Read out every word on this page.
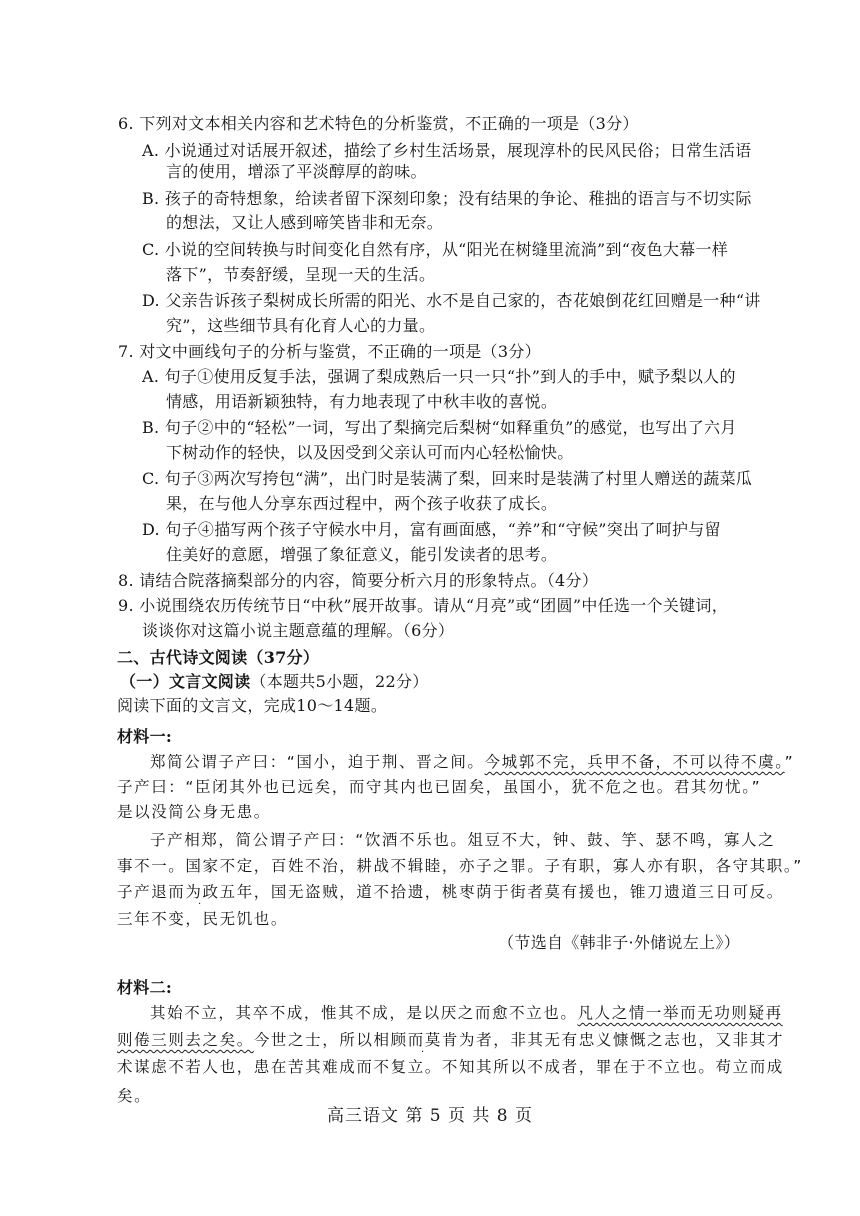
6. 下列对文本相关内容和艺术特色的分析鉴赏，不正确的一项是（3分）
A. 小说通过对话展开叙述，描绘了乡村生活场景，展现淳朴的民风民俗；日常生活语
言的使用，增添了平淡醇厚的韵味。
B. 孩子的奇特想象，给读者留下深刻印象；没有结果的争论、稚拙的语言与不切实际
的想法，又让人感到啼笑皆非和无奈。
C. 小说的空间转换与时间变化自然有序，从“阳光在树缝里流淌”到“夜色大幕一样
落下”，节奏舒缓，呈现一天的生活。
D. 父亲告诉孩子梨树成长所需的阳光、水不是自己家的，杏花娘倒花红回赠是一种“讲
究”，这些细节具有化育人心的力量。
7. 对文中画线句子的分析与鉴赏，不正确的一项是（3分）
A. 句子①使用反复手法，强调了梨成熟后一只一只“扑”到人的手中，赋予梨以人的
情感，用语新颖独特，有力地表现了中秋丰收的喜悦。
B. 句子②中的“轻松”一词，写出了梨摘完后梨树“如释重负”的感觉，也写出了六月
下树动作的轻快，以及因受到父亲认可而内心轻松愉快。
C. 句子③两次写挎包“满”，出门时是装满了梨，回来时是装满了村里人赠送的蔬菜瓜
果，在与他人分享东西过程中，两个孩子收获了成长。
D. 句子④描写两个孩子守候水中月，富有画面感，“养”和“守候”突出了呵护与留
住美好的意愿，增强了象征意义，能引发读者的思考。
8. 请结合院落摘梨部分的内容，简要分析六月的形象特点。（4分）
9. 小说围绕农历传统节日“中秋”展开故事。请从“月亮”或“团圆”中任选一个关键词，
谈谈你对这篇小说主题意蕴的理解。（6分）
二、古代诗文阅读（37分）
（一）文言文阅读（本题共5小题，22分）
阅读下面的文言文，完成10～14题。
材料一:
郑简公谓子产曰：“国小，迫于荆、晋之间。今城郭不完，兵甲不备，不可以待不虞。”
子产曰：“臣闭其外也已远矣，而守其内也已固矣，虽国小，犹不危之也。君其勿忧。”
是以没简公身无患。
子产相郑，简公谓子产曰：“饮酒不乐也。俎豆不大，钟、鼓、竽、瑟不鸣，寡人之
事不一。国家不定，百姓不治，耕战不辑睦，亦子之罪。子有职，寡人亦有职，各守其职。”
子产退而为政五年，国无盗贼，道不拾遗，桃枣荫于街者莫有援也，锥刀遗道三日可反。
·
三年不变，民无饥也。
（节选自《韩非子·外储说左上》）
材料二:
其始不立，其卒不成，惟其不成，是以厌之而愈不立也。凡人之情一举而无功则疑再
则倦三则去之矣。今世之士，所以相顾而莫肯为者，非其无有忠义慷慨之志也，又非其才
术谋虑不若人也，患在苦其难成而不复立。不知其所以不成者，罪在于不立也。苟立而成
·
矣。
高三语文 第 5 页 共 8 页
